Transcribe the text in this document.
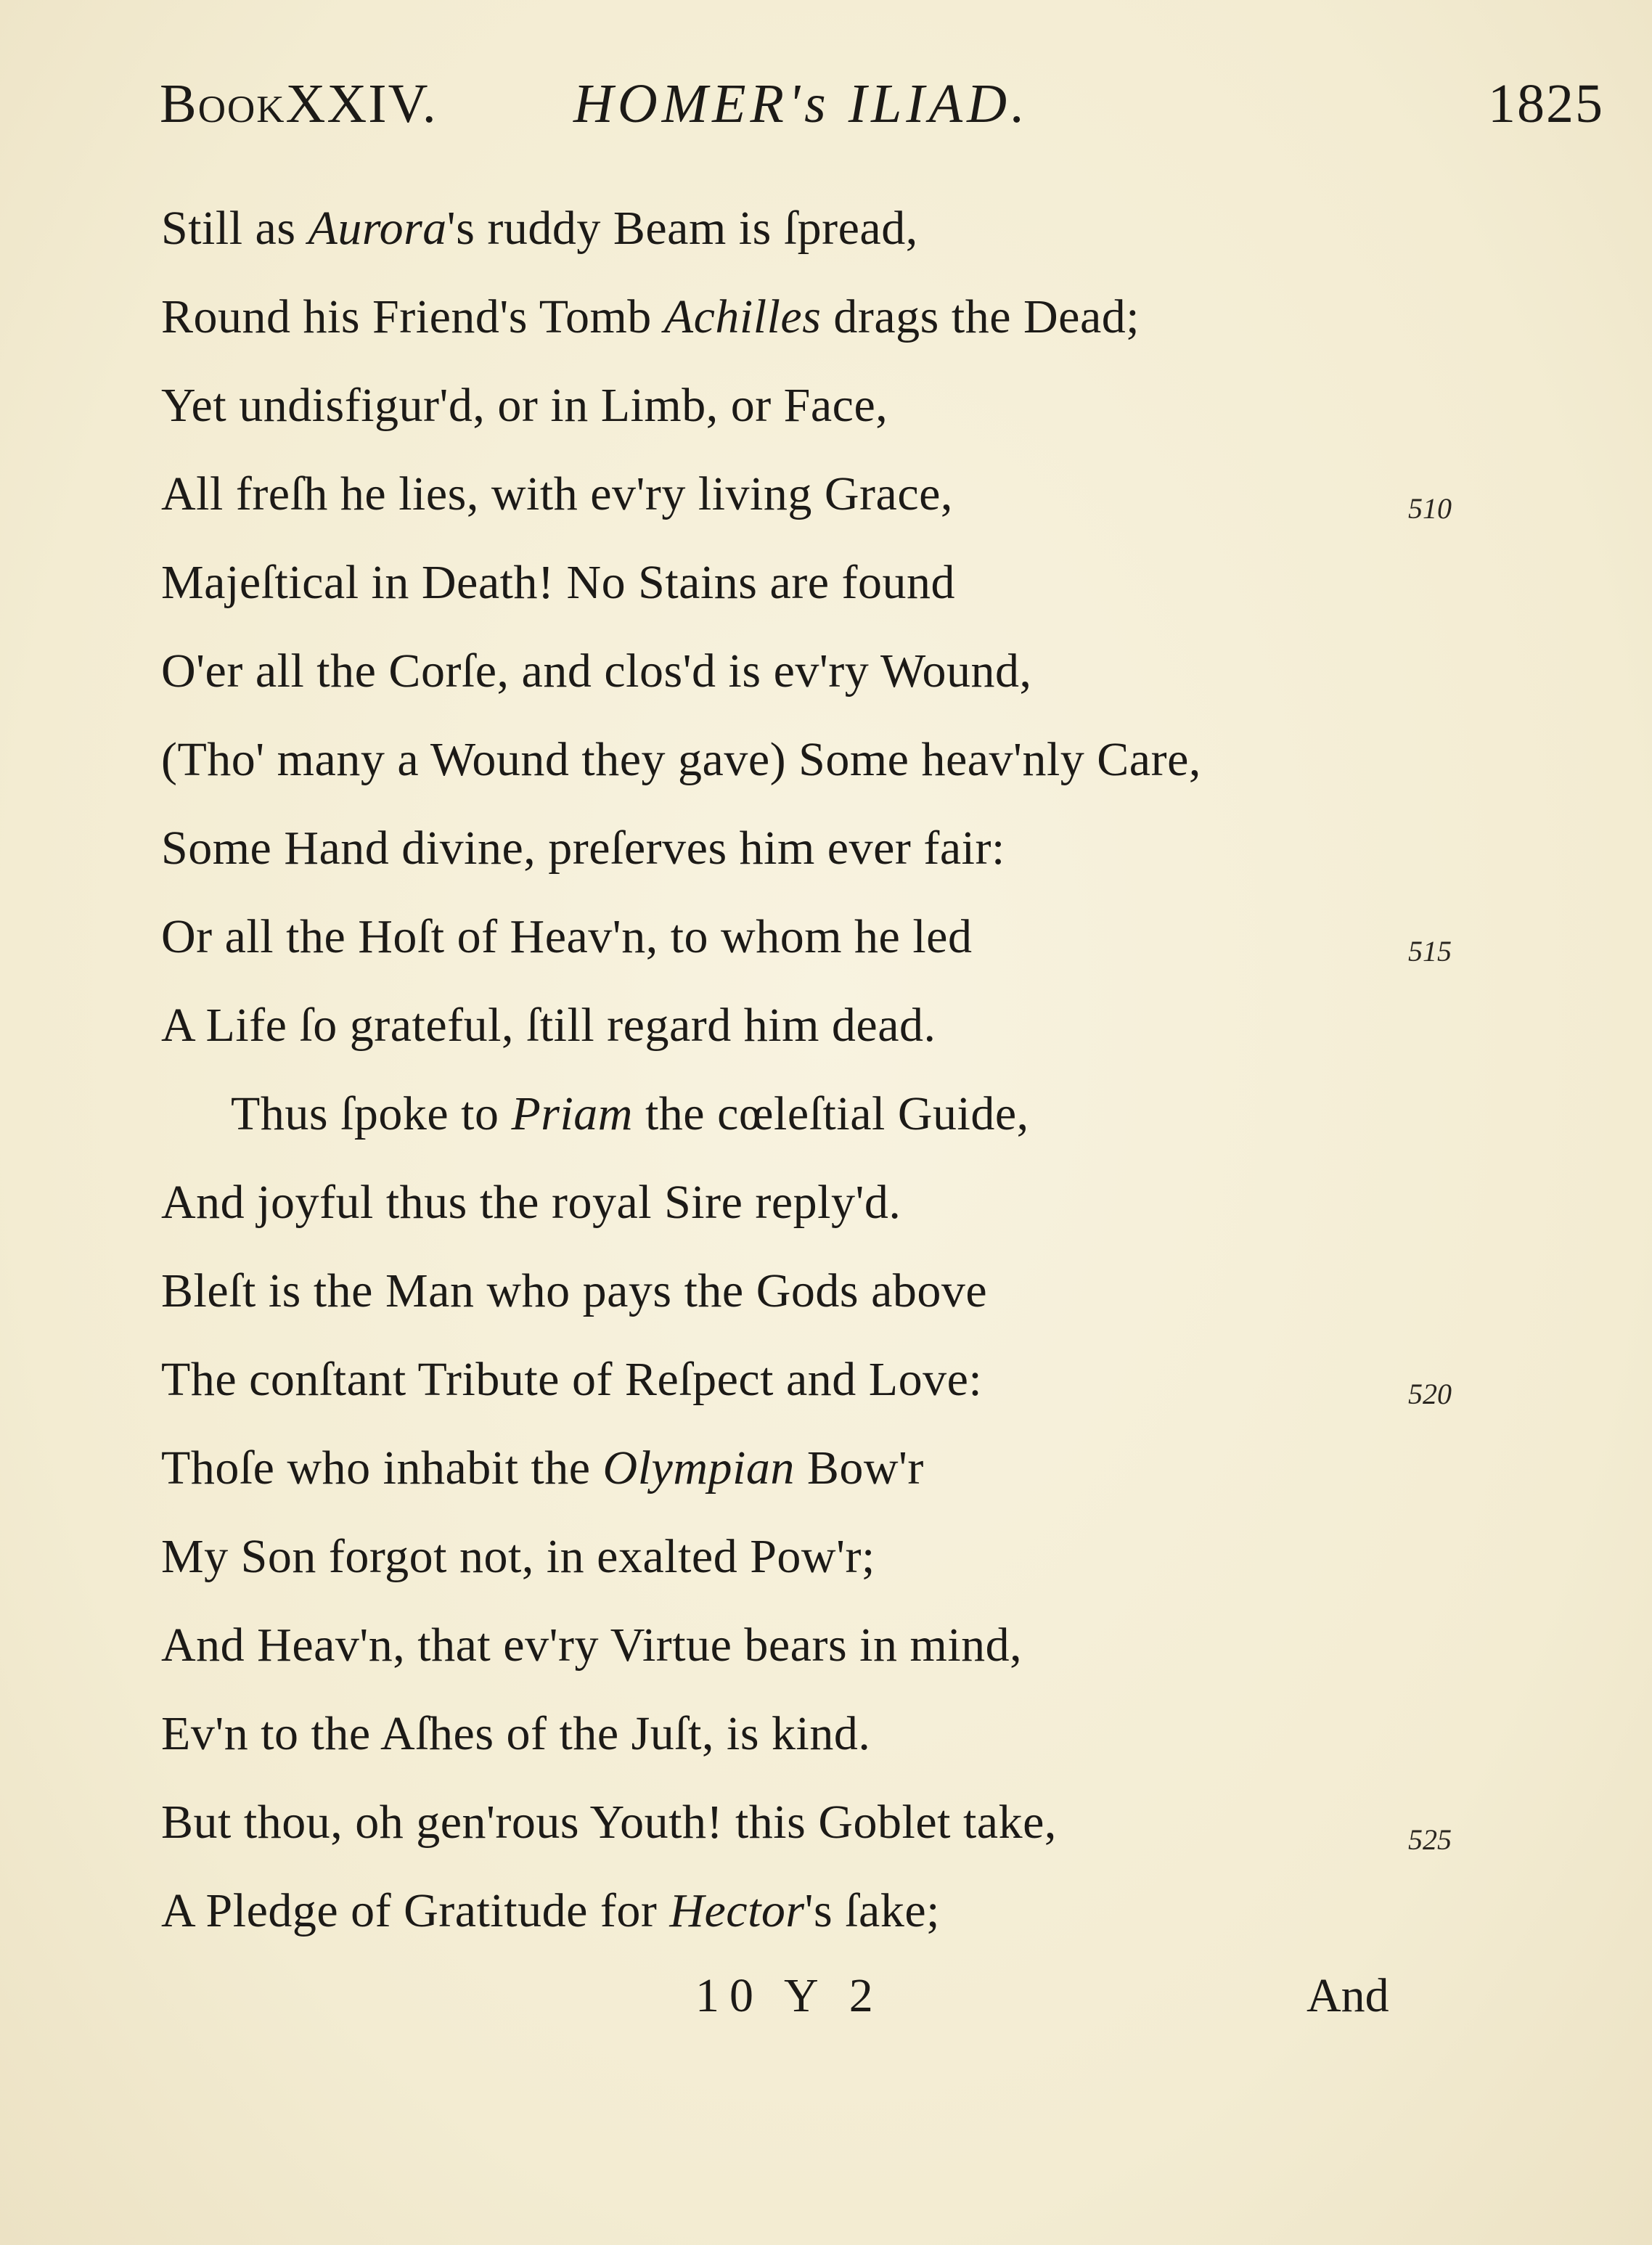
BookXXIV. HOMER's ILIAD.	1825
Still as Aurora's ruddy Beam is ſpread,
Round his Friend's Tomb Achilles drags the Dead;
Yet undisfigur'd, or in Limb, or Face,
All freſh he lies, with ev'ry living Grace,
Majeſtical in Death! No Stains are found
O'er all the Corſe, and clos'd is ev'ry Wound,
(Tho' many a Wound they gave) Some heav'nly Care,
Some Hand divine, preſerves him ever fair:
Or all the Hoſt of Heav'n, to whom he led
A Life ſo grateful, ſtill regard him dead.
Thus ſpoke to Priam the cœleſtial Guide,
And joyful thus the royal Sire reply'd.
Bleſt is the Man who pays the Gods above
The conſtant Tribute of Reſpect and Love:
Thoſe who inhabit the Olympian Bow'r
My Son forgot not, in exalted Pow'r;
And Heav'n, that ev'ry Virtue bears in mind,
Ev'n to the Aſhes of the Juſt, is kind.
But thou, oh gen'rous Youth! this Goblet take,
A Pledge of Gratitude for Hector's ſake;
510
515
520
525
10 Y 2	And
